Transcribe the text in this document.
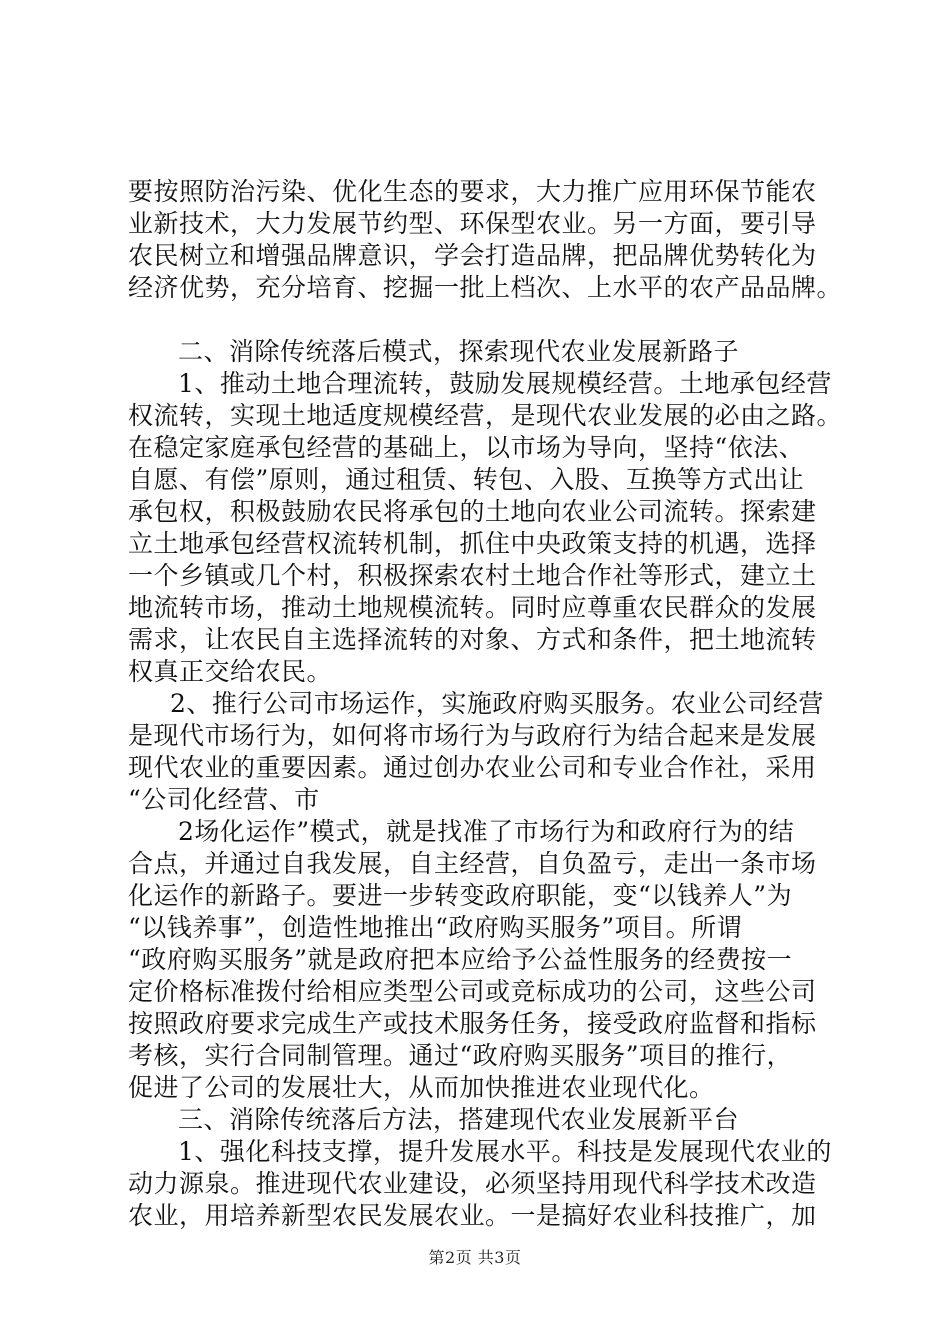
要按照防治污染、优化生态的要求，大力推广应用环保节能农
业新技术，大力发展节约型、环保型农业。另一方面，要引导
农民树立和增强品牌意识，学会打造品牌，把品牌优势转化为
经济优势，充分培育、挖掘一批上档次、上水平的农产品品牌。
二、消除传统落后模式，探索现代农业发展新路子
1、推动土地合理流转，鼓励发展规模经营。土地承包经营
权流转，实现土地适度规模经营，是现代农业发展的必由之路。
在稳定家庭承包经营的基础上，以市场为导向，坚持“依法、
自愿、有偿”原则，通过租赁、转包、入股、互换等方式出让
承包权，积极鼓励农民将承包的土地向农业公司流转。探索建
立土地承包经营权流转机制，抓住中央政策支持的机遇，选择
一个乡镇或几个村，积极探索农村土地合作社等形式，建立土
地流转市场，推动土地规模流转。同时应尊重农民群众的发展
需求，让农民自主选择流转的对象、方式和条件，把土地流转
权真正交给农民。
2、推行公司市场运作，实施政府购买服务。农业公司经营
是现代市场行为，如何将市场行为与政府行为结合起来是发展
现代农业的重要因素。通过创办农业公司和专业合作社，采用
“公司化经营、市
2场化运作”模式，就是找准了市场行为和政府行为的结
合点，并通过自我发展，自主经营，自负盈亏，走出一条市场
化运作的新路子。要进一步转变政府职能，变“以钱养人”为
“以钱养事”，创造性地推出“政府购买服务”项目。所谓
“政府购买服务”就是政府把本应给予公益性服务的经费按一
定价格标准拨付给相应类型公司或竞标成功的公司，这些公司
按照政府要求完成生产或技术服务任务，接受政府监督和指标
考核，实行合同制管理。通过“政府购买服务”项目的推行，
促进了公司的发展壮大，从而加快推进农业现代化。
三、消除传统落后方法，搭建现代农业发展新平台
1、强化科技支撑，提升发展水平。科技是发展现代农业的
动力源泉。推进现代农业建设，必须坚持用现代科学技术改造
农业，用培养新型农民发展农业。一是搞好农业科技推广，加
第2页 共3页
